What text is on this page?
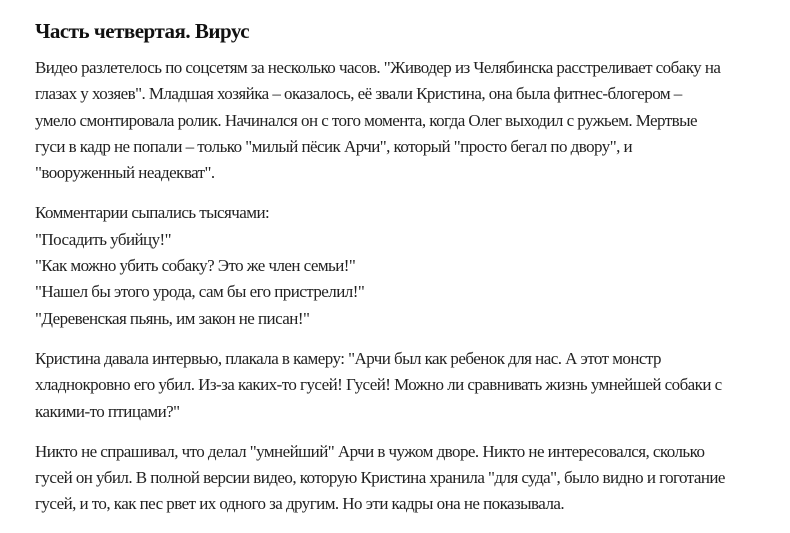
Часть четвертая. Вирус

Видео разлетелось по соцсетям за несколько часов. "Живодер из Челябинска расстреливает собаку на глазах у хозяев". Младшая хозяйка – оказалось, её звали Кристина, она была фитнес-блогером – умело смонтировала ролик. Начинался он с того момента, когда Олег выходил с ружьем. Мертвые гуси в кадр не попали – только "милый пёсик Арчи", который "просто бегал по двору", и "вооруженный неадекват".

Комментарии сыпались тысячами:

"Посадить убийцу!"

"Как можно убить собаку? Это же член семьи!"

"Нашел бы этого урода, сам бы его пристрелил!"

"Деревенская пьянь, им закон не писан!"

Кристина давала интервью, плакала в камеру: "Арчи был как ребенок для нас. А этот монстр хладнокровно его убил. Из-за каких-то гусей! Гусей! Можно ли сравнивать жизнь умнейшей собаки с какими-то птицами?"

Никто не спрашивал, что делал "умнейший" Арчи в чужом дворе. Никто не интересовался, сколько гусей он убил. В полной версии видео, которую Кристина хранила "для суда", было видно и гоготание гусей, и то, как пес рвет их одного за другим. Но эти кадры она не показывала.
